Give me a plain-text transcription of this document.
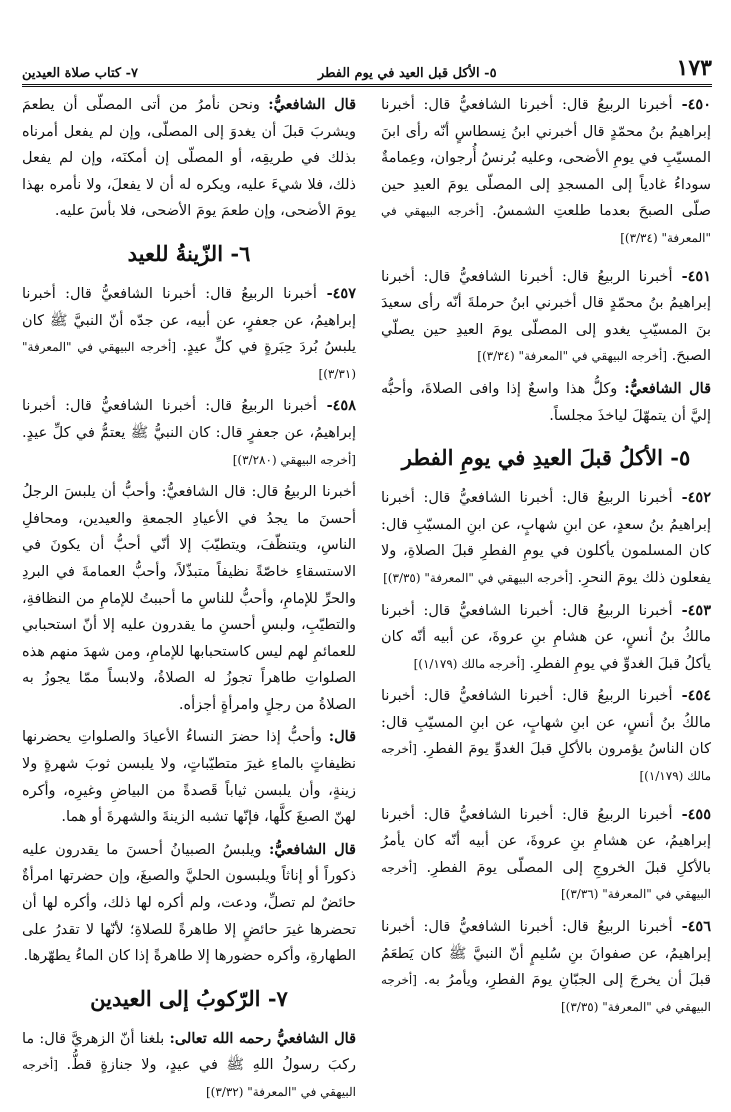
١٧٣
٥- الأكل قبل العيد في يوم الفطر
٧- كتاب صلاة العيدين

٤٥٠- أخبرنا الربيعُ قال: أخبرنا الشافعيُّ قال: أخبرنا إبراهيمُ بنُ محمّدٍ قال أخبرني ابنُ نِسطاسٍ أنّه رأى ابنَ المسيّبِ في يومِ الأضحى، وعليه بُرنسُ أُرجوان، وعِمامةٌ سوداءُ غادياً إلى المسجدِ إلى المصلّى يومَ العيدِ حين صلّى الصبحَ بعدما طلعتِ الشمسُ. [أخرجه البيهقي في "المعرفة" (٣/٣٤)]

٤٥١- أخبرنا الربيعُ قال: أخبرنا الشافعيُّ قال: أخبرنا إبراهيمُ بنُ محمّدٍ قال أخبرني ابنُ حرملةَ أنّه رأى سعيدَ بنَ المسيّبِ يغدو إلى المصلّى يومَ العيدِ حين يصلّي الصبحَ. [أخرجه البيهقي في "المعرفة" (٣/٣٤)]

قال الشافعيُّ: وكلُّ هذا واسعٌ إذا وافى الصلاةَ، وأحبُّه إليَّ أن يتمهّلَ لياخذَ مجلساً.

٥- الأكلُ قبلَ العيدِ في يومِ الفطر

٤٥٢- أخبرنا الربيعُ قال: أخبرنا الشافعيُّ قال: أخبرنا إبراهيمُ بنُ سعدٍ، عن ابنِ شهابٍ، عن ابنِ المسيّبِ قال: كان المسلمون يأكلون في يومِ الفطرِ قبلَ الصلاةِ، ولا يفعلون ذلك يومَ النحرِ. [أخرجه البيهقي في "المعرفة" (٣/٣٥)]

٤٥٣- أخبرنا الربيعُ قال: أخبرنا الشافعيُّ قال: أخبرنا مالكُ بنُ أنسٍ، عن هشامِ بنِ عروةَ، عن أبيه أنّه كان يأكلُ قبلَ الغدوِّ في يومِ الفطرِ. [أخرجه مالك (١/١٧٩)]

٤٥٤- أخبرنا الربيعُ قال: أخبرنا الشافعيُّ قال: أخبرنا مالكُ بنُ أنسٍ، عن ابنِ شهابٍ، عن ابنِ المسيّبِ قال: كان الناسُ يؤمرون بالأكلِ قبلَ الغدوِّ يومَ الفطرِ. [أخرجه مالك (١/١٧٩)]

٤٥٥- أخبرنا الربيعُ قال: أخبرنا الشافعيُّ قال: أخبرنا إبراهيمُ، عن هشامِ بنِ عروةَ، عن أبيه أنّه كان يأمرُ بالأكلِ قبلَ الخروجِ إلى المصلّى يومَ الفطرِ. [أخرجه البيهقي في "المعرفة" (٣/٣٦)]

٤٥٦- أخبرنا الربيعُ قال: أخبرنا الشافعيُّ قال: أخبرنا إبراهيمُ، عن صفوانَ بنِ سُليمٍ أنّ النبيَّ ﷺ كان يَطعَمُ قبلَ أن يخرجَ إلى الجبّانِ يومَ الفطرِ، ويأمرُ به. [أخرجه البيهقي في "المعرفة" (٣/٣٥)]

قال الشافعيُّ: ونحن نأمرُ من أتى المصلّى أن يطعمَ ويشربَ قبلَ أن يغدوَ إلى المصلّى، وإن لم يفعل أمرناه بذلك في طريقِه، أو المصلّى إن أمكنَه، وإن لم يفعل ذلك، فلا شيءَ عليه، ويكره له أن لا يفعلَ، ولا نأمره بهذا يومَ الأضحى، وإن طعمَ يومَ الأضحى، فلا بأسَ عليه.

٦- الزّينةُ للعيد

٤٥٧- أخبرنا الربيعُ قال: أخبرنا الشافعيُّ قال: أخبرنا إبراهيمُ، عن جعفرٍ، عن أبيه، عن جدّه أنّ النبيَّ ﷺ كان يلبسُ بُردَ حِبَرةٍ في كلِّ عيدٍ. [أخرجه البيهقي في "المعرفة" (٣/٣١)]

٤٥٨- أخبرنا الربيعُ قال: أخبرنا الشافعيُّ قال: أخبرنا إبراهيمُ، عن جعفرٍ قال: كان النبيُّ ﷺ يعتمُّ في كلِّ عيدٍ. [أخرجه البيهقي (٣/٢٨٠)]

أخبرنا الربيعُ قال: قال الشافعيُّ: وأحبُّ أن يلبسَ الرجلُ أحسنَ ما يجدُ في الأعيادِ الجمعةِ والعيدين، ومحافلِ الناسِ، ويتنظّفَ، ويتطيّبَ إلا أنّي أحبُّ أن يكونَ في الاستسقاءِ خاصّةً نظيفاً متبذّلاً، وأحبُّ العمامةَ في البردِ والحرِّ للإمامِ، وأحبُّ للناسِ ما أحببتُ للإمامِ من النظافةِ، والتطيّبِ، ولبسِ أحسنِ ما يقدرون عليه إلا أنّ استحبابي للعمائمِ لهم ليس كاستحبابها للإمامِ، ومن شهدَ منهم هذه الصلواتِ طاهراً تجوزُ له الصلاةُ، ولابساً ممّا يجوزُ به الصلاةُ من رجلٍ وامرأةٍ أجزأه.

قال: وأحبُّ إذا حضرَ النساءُ الأعيادَ والصلواتِ يحضرنها نظيفاتٍ بالماءِ غيرَ متطيّباتٍ، ولا يلبسن ثوبَ شهرةٍ ولا زينةٍ، وأن يلبسن ثياباً قَصدةً من البياضِ وغيرِه، وأكره لهنّ الصبغَ كلَّها، فإنّها تشبه الزينةَ والشهرةَ أو هما.

قال الشافعيُّ: ويلبسُ الصبيانُ أحسنَ ما يقدرون عليه ذكوراً أو إناثاً ويلبسون الحليَّ والصبغَ، وإن حضرتها امرأةٌ حائضٌ لم تصلِّ، ودعت، ولم أكره لها ذلك، وأكره لها أن تحضرها غيرَ حائضٍ إلا طاهرةً للصلاةِ؛ لأنّها لا تقدرُ على الطهارةِ، وأكره حضورها إلا طاهرةً إذا كان الماءُ يطهّرها.

٧- الرّكوبُ إلى العيدين

قال الشافعيُّ رحمه الله تعالى: بلغنا أنّ الزهريَّ قال: ما ركبَ رسولُ اللهِ ﷺ في عيدٍ، ولا جنازةٍ قطُّ. [أخرجه البيهقي في "المعرفة" (٣/٣٢)]
